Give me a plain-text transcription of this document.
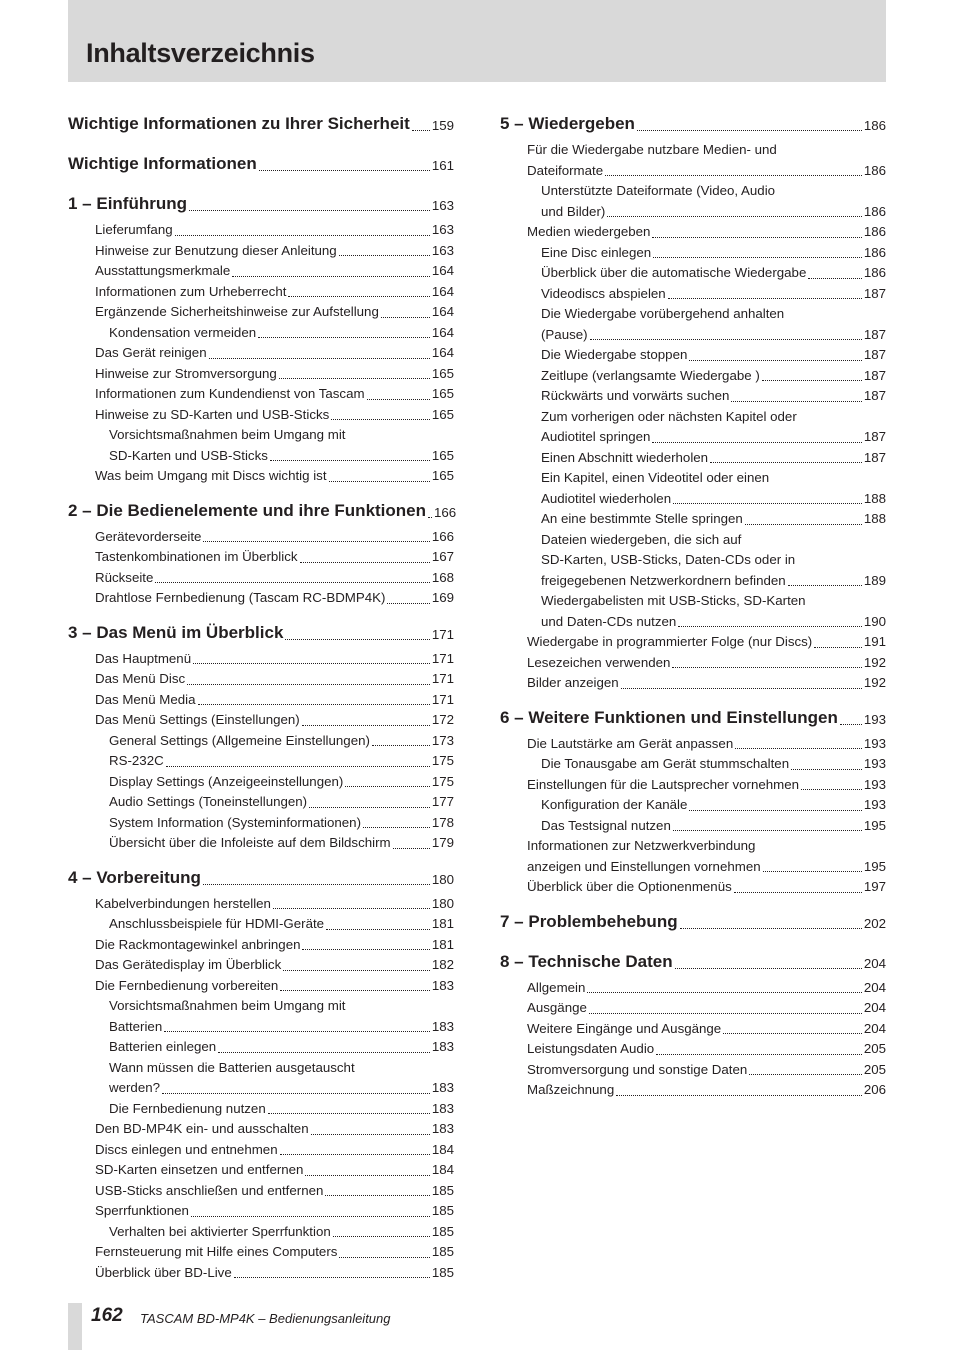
Inhaltsverzeichnis
Wichtige Informationen zu Ihrer Sicherheit 159
Wichtige Informationen	161
1 – Einführung	163
Lieferumfang	163
Hinweise zur Benutzung dieser Anleitung	163
Ausstattungsmerkmale	164
Informationen zum Urheberrecht	164
Ergänzende Sicherheitshinweise zur Aufstellung	164
Kondensation vermeiden	164
Das Gerät reinigen	164
Hinweise zur Stromversorgung	165
Informationen zum Kundendienst von Tascam	165
Hinweise zu SD-Karten und USB-Sticks	165
Vorsichtsmaßnahmen beim Umgang mit
SD-Karten und USB-Sticks	165
Was beim Umgang mit Discs wichtig ist	165
2 – Die Bedienelemente und ihre Funktionen 166
Gerätevorderseite	166
Tastenkombinationen im Überblick	167
Rückseite	168
Drahtlose Fernbedienung (Tascam RC-BDMP4K)	169
3 – Das Menü im Überblick	171
Das Hauptmenü	171
Das Menü Disc	171
Das Menü Media	171
Das Menü Settings (Einstellungen)	172
General Settings (Allgemeine Einstellungen)	173
RS-232C	175
Display Settings (Anzeigeeinstellungen)	175
Audio Settings (Toneinstellungen)	177
System Information (Systeminformationen)	178
Übersicht über die Infoleiste auf dem Bildschirm	179
4 – Vorbereitung	180
Kabelverbindungen herstellen	180
Anschlussbeispiele für HDMI-Geräte	181
Die Rackmontagewinkel anbringen	181
Das Gerätedisplay im Überblick	182
Die Fernbedienung vorbereiten	183
Vorsichtsmaßnahmen beim Umgang mit
Batterien	183
Batterien einlegen	183
Wann müssen die Batterien ausgetauscht
werden?	183
Die Fernbedienung nutzen	183
Den BD-MP4K ein- und ausschalten	183
Discs einlegen und entnehmen	184
SD-Karten einsetzen und entfernen	184
USB-Sticks anschließen und entfernen	185
Sperrfunktionen	185
Verhalten bei aktivierter Sperrfunktion	185
Fernsteuerung mit Hilfe eines Computers	185
Überblick über BD-Live	185
5 – Wiedergeben	186
Für die Wiedergabe nutzbare Medien- und
Dateiformate	186
Unterstützte Dateiformate (Video, Audio
und Bilder)	186
Medien wiedergeben	186
Eine Disc einlegen	186
Überblick über die automatische Wiedergabe	186
Videodiscs abspielen	187
Die Wiedergabe vorübergehend anhalten
(Pause)	187
Die Wiedergabe stoppen	187
Zeitlupe (verlangsamte Wiedergabe )	187
Rückwärts und vorwärts suchen	187
Zum vorherigen oder nächsten Kapitel oder
Audiotitel springen	187
Einen Abschnitt wiederholen	187
Ein Kapitel, einen Videotitel oder einen
Audiotitel wiederholen	188
An eine bestimmte Stelle springen	188
Dateien wiedergeben, die sich auf
SD-Karten, USB-Sticks, Daten-CDs oder in
freigegebenen Netzwerkordnern befinden	189
Wiedergabelisten mit USB-Sticks, SD-Karten
und Daten-CDs nutzen	190
Wiedergabe in programmierter Folge (nur Discs)	191
Lesezeichen verwenden	192
Bilder anzeigen	192
6 – Weitere Funktionen und Einstellungen 193
Die Lautstärke am Gerät anpassen	193
Die Tonausgabe am Gerät stummschalten	193
Einstellungen für die Lautsprecher vornehmen	193
Konfiguration der Kanäle	193
Das Testsignal nutzen	195
Informationen zur Netzwerkverbindung
anzeigen und Einstellungen vornehmen	195
Überblick über die Optionenmenüs	197
7 – Problembehebung	202
8 – Technische Daten	204
Allgemein	204
Ausgänge	204
Weitere Eingänge und Ausgänge	204
Leistungsdaten Audio	205
Stromversorgung und sonstige Daten	205
Maßzeichnung	206
162 TASCAM BD-MP4K – Bedienungsanleitung
